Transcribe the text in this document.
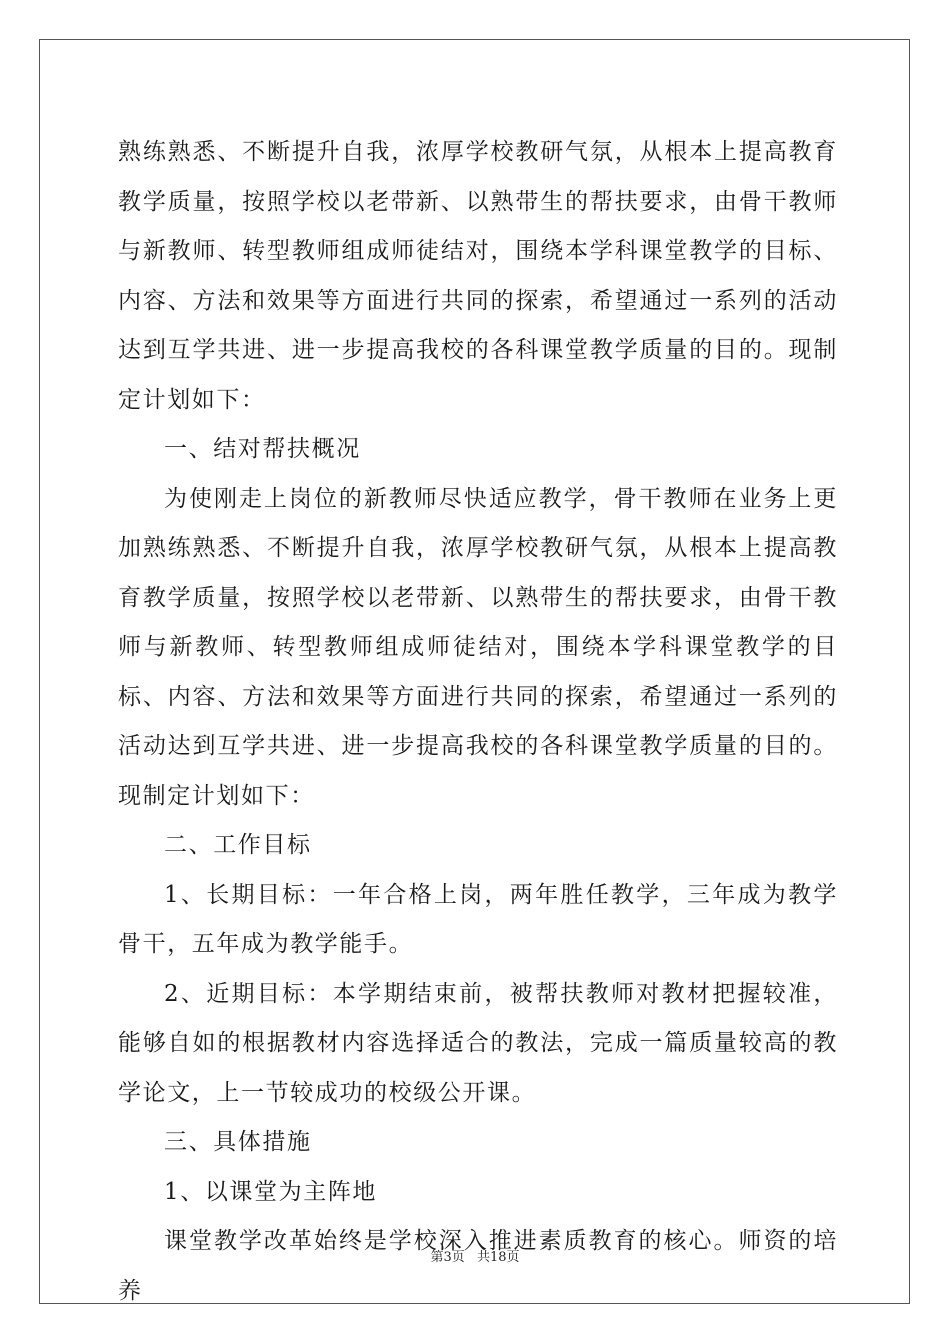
熟练熟悉、不断提升自我，浓厚学校教研气氛，从根本上提高教育教学质量，按照学校以老带新、以熟带生的帮扶要求，由骨干教师与新教师、转型教师组成师徒结对，围绕本学科课堂教学的目标、内容、方法和效果等方面进行共同的探索，希望通过一系列的活动达到互学共进、进一步提高我校的各科课堂教学质量的目的。现制定计划如下：

一、结对帮扶概况

为使刚走上岗位的新教师尽快适应教学，骨干教师在业务上更加熟练熟悉、不断提升自我，浓厚学校教研气氛，从根本上提高教育教学质量，按照学校以老带新、以熟带生的帮扶要求，由骨干教师与新教师、转型教师组成师徒结对，围绕本学科课堂教学的目标、内容、方法和效果等方面进行共同的探索，希望通过一系列的活动达到互学共进、进一步提高我校的各科课堂教学质量的目的。现制定计划如下：

二、工作目标

1、长期目标：一年合格上岗，两年胜任教学，三年成为教学骨干，五年成为教学能手。

2、近期目标：本学期结束前，被帮扶教师对教材把握较准，能够自如的根据教材内容选择适合的教法，完成一篇质量较高的教学论文，上一节较成功的校级公开课。

三、具体措施

1、以课堂为主阵地

课堂教学改革始终是学校深入推进素质教育的核心。师资的培养

第3页 共18页
